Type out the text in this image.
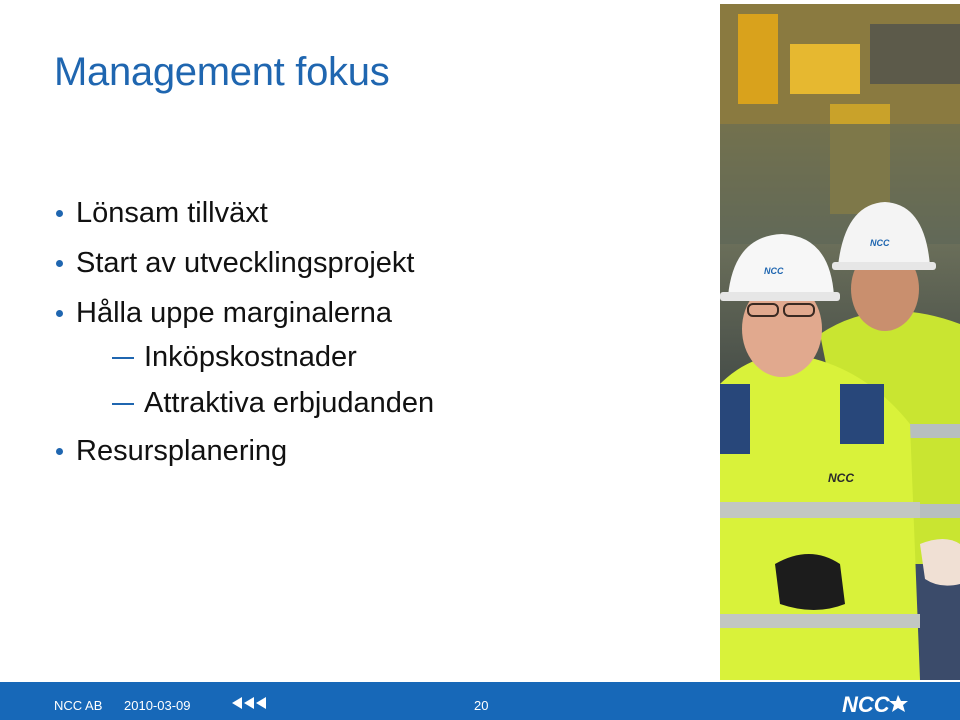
Management fokus
Lönsam tillväxt
Start av utvecklingsprojekt
Hålla uppe marginalerna
Inköpskostnader
Attraktiva erbjudanden
Resursplanering
NCC
NCC
NCC
NCC AB 2010-03-09	20	NCC
